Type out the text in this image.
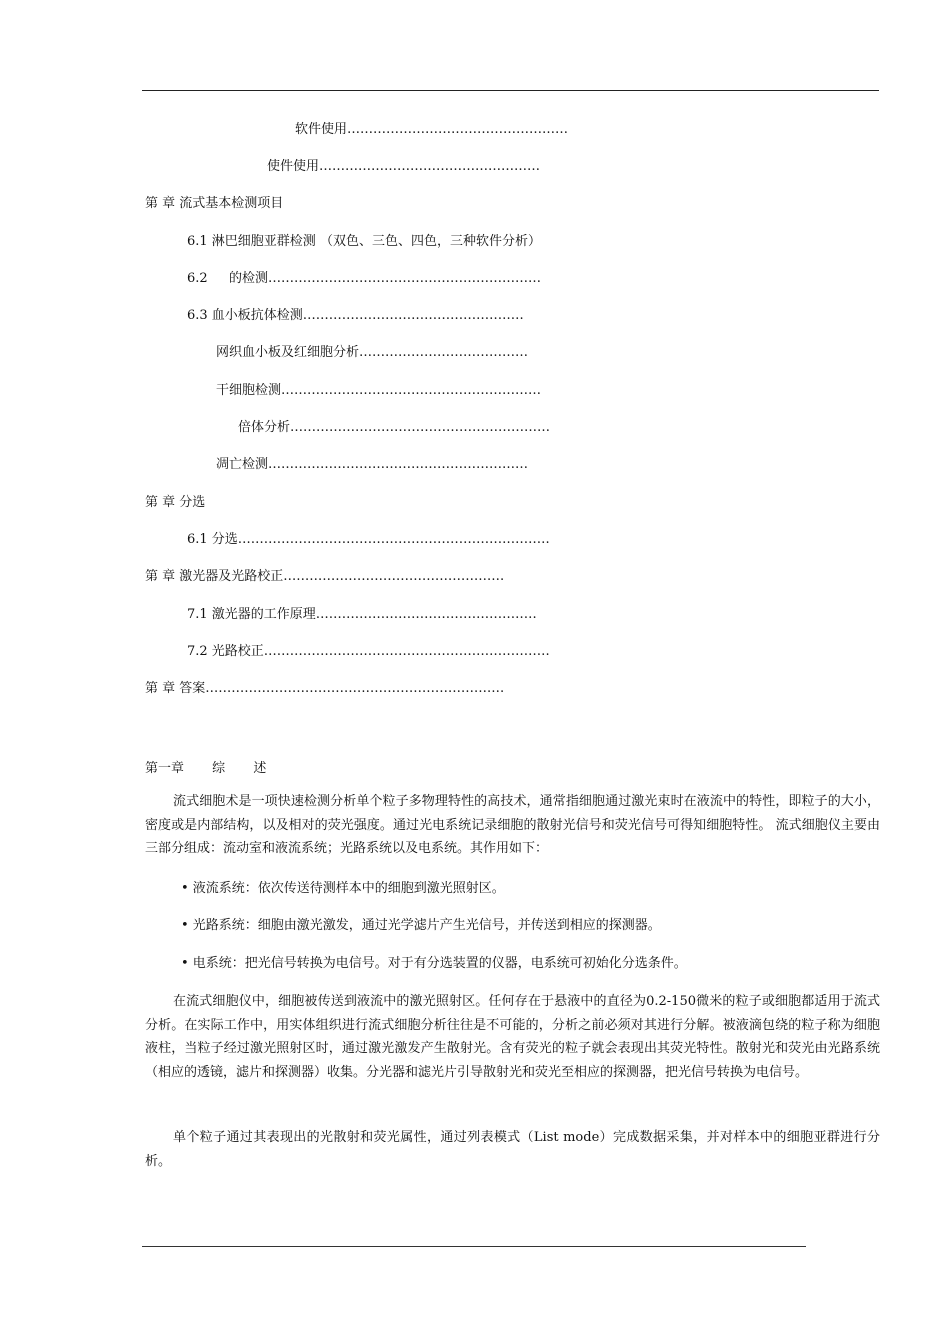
软件使用……………………………………………
使件使用……………………………………………
第 章 流式基本检测项目
6.1 淋巴细胞亚群检测 （双色、三色、四色，三种软件分析）
6.2 　 的检测………………………………………………………
6.3 血小板抗体检测……………………………………………
网织血小板及红细胞分析…………………………………
干细胞检测……………………………………………………
倍体分析……………………………………………………
凋亡检测……………………………………………………
第 章 分选
6.1 分选………………………………………………………………
第 章 激光器及光路校正……………………………………………
7.1 激光器的工作原理……………………………………………
7.2 光路校正…………………………………………………………
第 章 答案……………………………………………………………
第一章 综 述
流式细胞术是一项快速检测分析单个粒子多物理特性的高技术，通常指细胞通过激光束时在液流中的特性，即粒子的大小，密度或是内部结构，以及相对的荧光强度。通过光电系统记录细胞的散射光信号和荧光信号可得知细胞特性。 流式细胞仪主要由三部分组成：流动室和液流系统；光路系统以及电系统。其作用如下：
• 液流系统：依次传送待测样本中的细胞到激光照射区。
• 光路系统：细胞由激光激发，通过光学滤片产生光信号，并传送到相应的探测器。
• 电系统：把光信号转换为电信号。对于有分选装置的仪器，电系统可初始化分选条件。
在流式细胞仪中，细胞被传送到液流中的激光照射区。任何存在于悬液中的直径为0.2-150微米的粒子或细胞都适用于流式分析。在实际工作中，用实体组织进行流式细胞分析往往是不可能的，分析之前必须对其进行分解。被液滴包绕的粒子称为细胞液柱，当粒子经过激光照射区时，通过激光激发产生散射光。含有荧光的粒子就会表现出其荧光特性。散射光和荧光由光路系统（相应的透镜，滤片和探测器）收集。分光器和滤光片引导散射光和荧光至相应的探测器，把光信号转换为电信号。
单个粒子通过其表现出的光散射和荧光属性，通过列表模式（List mode）完成数据采集，并对样本中的细胞亚群进行分析。
